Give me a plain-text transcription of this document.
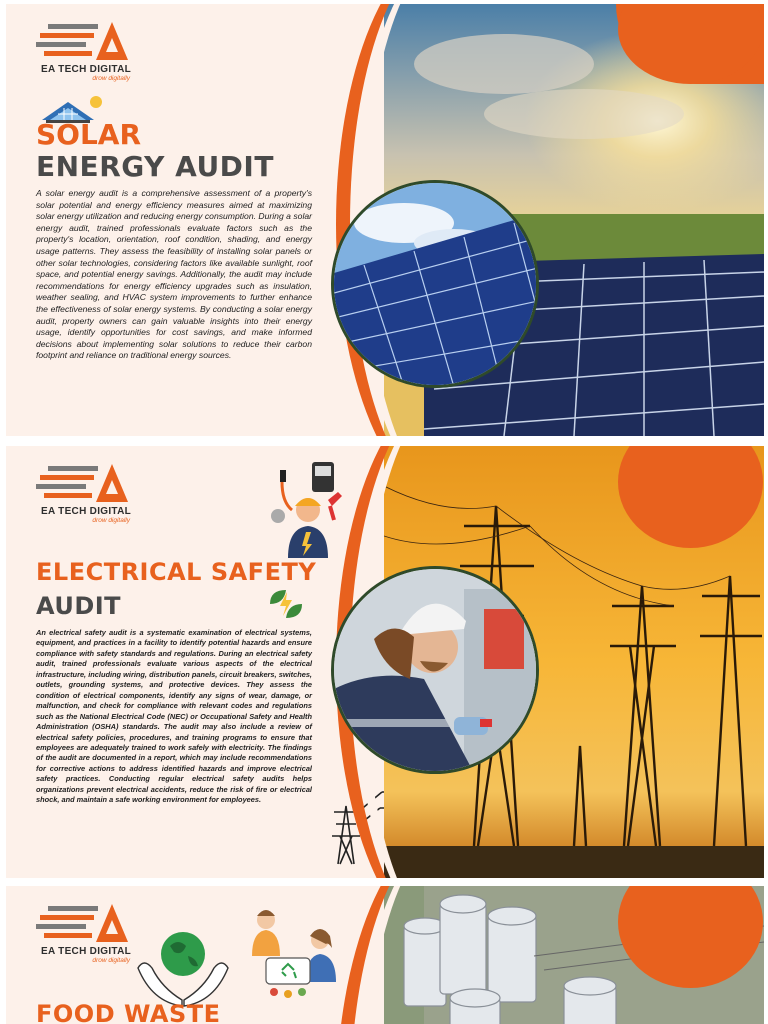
EA TECH DIGITAL
drow digitally
SOLAR
ENERGY AUDIT
A solar energy audit is a comprehensive assessment of a property's solar potential and energy efficiency measures aimed at maximizing solar energy utilization and reducing energy consumption. During a solar energy audit, trained professionals evaluate factors such as the property's location, orientation, roof condition, shading, and energy usage patterns. They assess the feasibility of installing solar panels or other solar technologies, considering factors like available sunlight, roof space, and potential energy savings. Additionally, the audit may include recommendations for energy efficiency upgrades such as insulation, weather sealing, and HVAC system improvements to further enhance the effectiveness of solar energy systems. By conducting a solar energy audit, property owners can gain valuable insights into their energy usage, identify opportunities for cost savings, and make informed decisions about implementing solar solutions to reduce their carbon footprint and reliance on traditional energy sources.
EA TECH DIGITAL
drow digitally
ELECTRICAL SAFETY
AUDIT
An electrical safety audit is a systematic examination of electrical systems, equipment, and practices in a facility to identify potential hazards and ensure compliance with safety standards and regulations. During an electrical safety audit, trained professionals evaluate various aspects of the electrical infrastructure, including wiring, distribution panels, circuit breakers, switches, outlets, grounding systems, and protective devices. They assess the condition of electrical components, identify any signs of wear, damage, or malfunction, and check for compliance with relevant codes and regulations such as the National Electrical Code (NEC) or Occupational Safety and Health Administration (OSHA) standards. The audit may also include a review of electrical safety policies, procedures, and training programs to ensure that employees are adequately trained to work safely with electricity. The findings of the audit are documented in a report, which may include recommendations for corrective actions to address identified hazards and improve electrical safety practices. Conducting regular electrical safety audits helps organizations prevent electrical accidents, reduce the risk of fire or electrical shock, and maintain a safe working environment for employees.
EA TECH DIGITAL
drow digitally
FOOD WASTE
